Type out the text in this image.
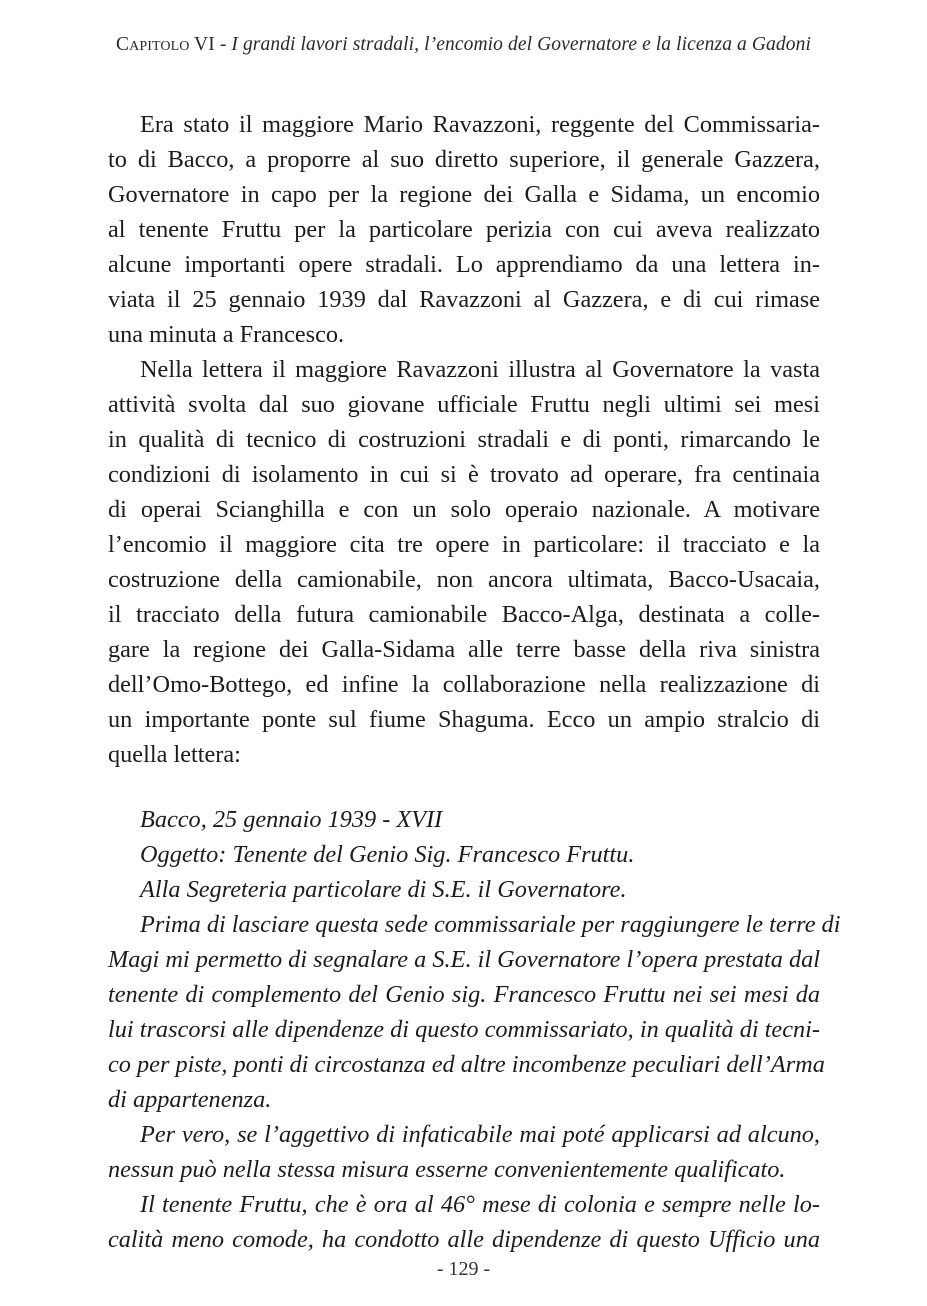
Capitolo VI - I grandi lavori stradali, l’encomio del Governatore e la licenza a Gadoni
Era stato il maggiore Mario Ravazzoni, reggente del Commissaria-
to di Bacco, a proporre al suo diretto superiore, il generale Gazzera,
Governatore in capo per la regione dei Galla e Sidama, un encomio
al tenente Fruttu per la particolare perizia con cui aveva realizzato
alcune importanti opere stradali. Lo apprendiamo da una lettera in-
viata il 25 gennaio 1939 dal Ravazzoni al Gazzera, e di cui rimase
una minuta a Francesco.
Nella lettera il maggiore Ravazzoni illustra al Governatore la vasta
attività svolta dal suo giovane ufficiale Fruttu negli ultimi sei mesi
in qualità di tecnico di costruzioni stradali e di ponti, rimarcando le
condizioni di isolamento in cui si è trovato ad operare, fra centinaia
di operai Scianghilla e con un solo operaio nazionale. A motivare
l’encomio il maggiore cita tre opere in particolare: il tracciato e la
costruzione della camionabile, non ancora ultimata, Bacco-Usacaia,
il tracciato della futura camionabile Bacco-Alga, destinata a colle-
gare la regione dei Galla-Sidama alle terre basse della riva sinistra
dell’Omo-Bottego, ed infine la collaborazione nella realizzazione di
un importante ponte sul fiume Shaguma. Ecco un ampio stralcio di
quella lettera:
Bacco, 25 gennaio 1939 - XVII
Oggetto: Tenente del Genio Sig. Francesco Fruttu.
Alla Segreteria particolare di S.E. il Governatore.
Prima di lasciare questa sede commissariale per raggiungere le terre di
Magi mi permetto di segnalare a S.E. il Governatore l’opera prestata dal
tenente di complemento del Genio sig. Francesco Fruttu nei sei mesi da
lui trascorsi alle dipendenze di questo commissariato, in qualità di tecni-
co per piste, ponti di circostanza ed altre incombenze peculiari dell’Arma
di appartenenza.
Per vero, se l’aggettivo di infaticabile mai poté applicarsi ad alcuno,
nessun può nella stessa misura esserne convenientemente qualificato.
Il tenente Fruttu, che è ora al 46° mese di colonia e sempre nelle lo-
calità meno comode, ha condotto alle dipendenze di questo Ufficio una
- 129 -
